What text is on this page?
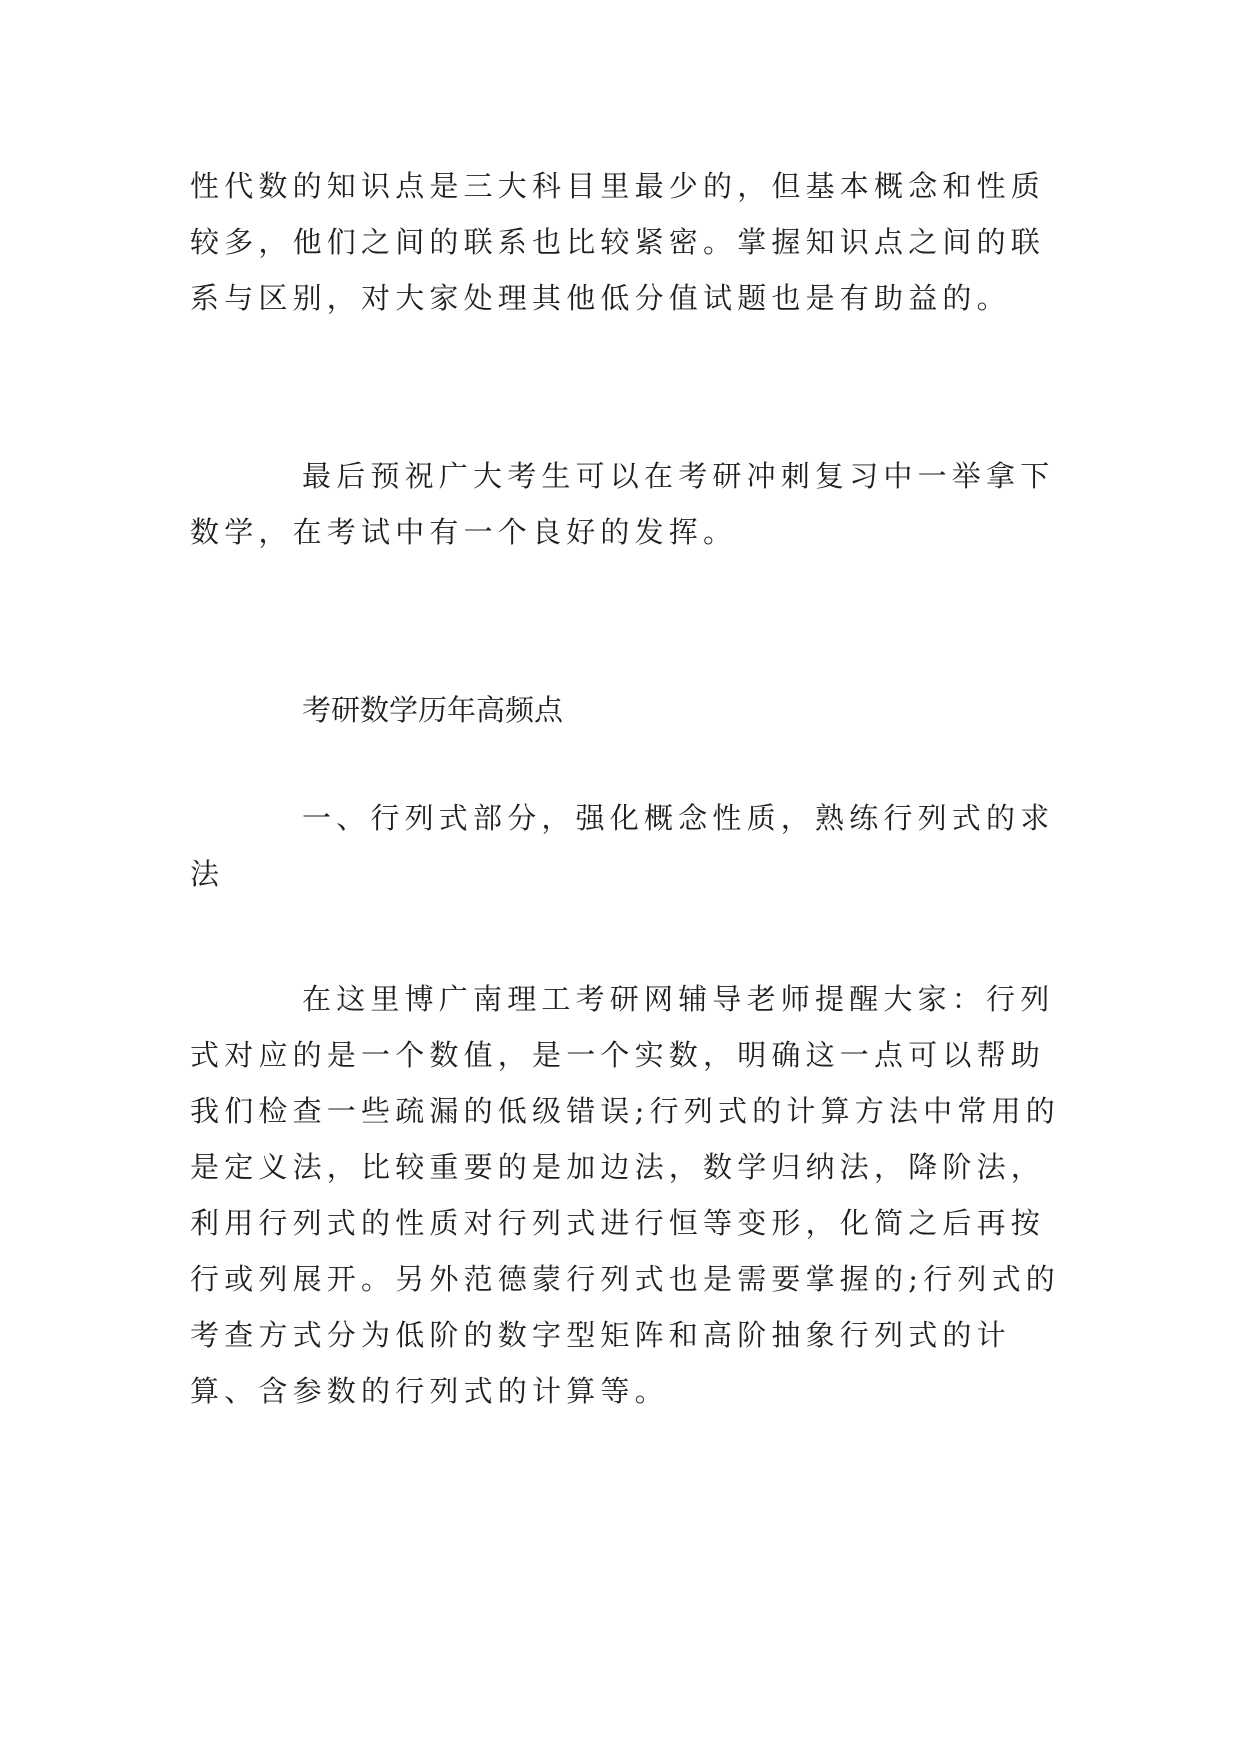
性代数的知识点是三大科目里最少的，但基本概念和性质较多，他们之间的联系也比较紧密。掌握知识点之间的联系与区别，对大家处理其他低分值试题也是有助益的。

最后预祝广大考生可以在考研冲刺复习中一举拿下数学，在考试中有一个良好的发挥。

考研数学历年高频点

一、行列式部分，强化概念性质，熟练行列式的求法

在这里博广南理工考研网辅导老师提醒大家：行列式对应的是一个数值，是一个实数，明确这一点可以帮助我们检查一些疏漏的低级错误;行列式的计算方法中常用的是定义法，比较重要的是加边法，数学归纳法，降阶法，利用行列式的性质对行列式进行恒等变形，化简之后再按行或列展开。另外范德蒙行列式也是需要掌握的;行列式的考查方式分为低阶的数字型矩阵和高阶抽象行列式的计算、含参数的行列式的计算等。
